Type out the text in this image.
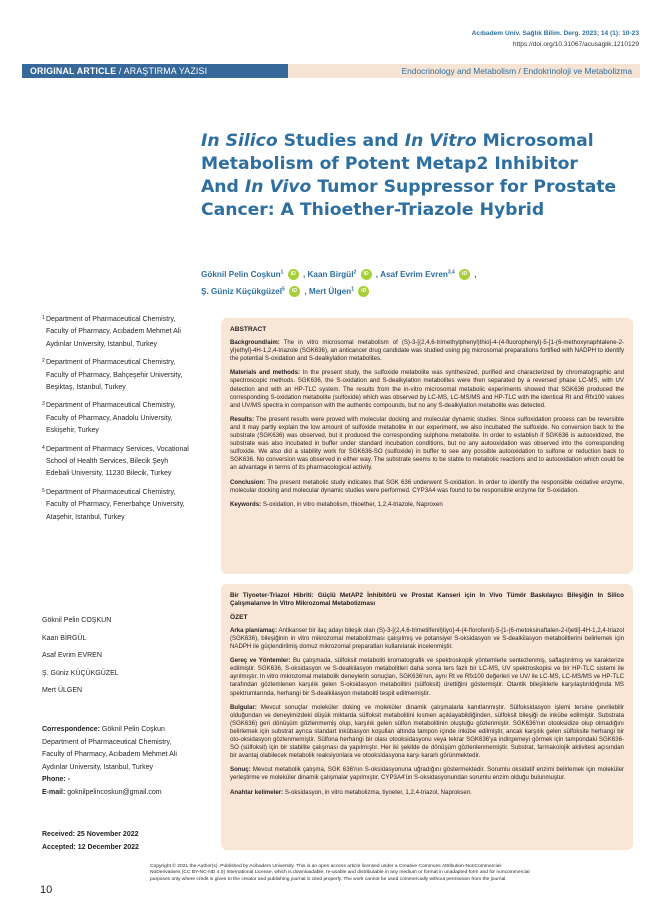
Acıbadem Univ. Sağlık Bilim. Derg. 2023; 14 (1): 10-23
https://doi.org/10.31067/acusaglik.1210129
ORIGINAL ARTICLE / ARAŞTIRMA YAZISI	Endocrinology and Metabolism / Endokrinoloji ve Metabolizma
In Silico Studies and In Vitro Microsomal
Metabolism of Potent Metap2 Inhibitor
And In Vivo Tumor Suppressor for Prostate
Cancer: A Thioether-Triazole Hybrid
Göknil Pelin Coşkun$^1$ iD , Kaan Birgül$^2$ iD , Asaf Evrim Evren$^{3,4}$ iD ,
Ş. Güniz Küçükgüzel$^5$ iD , Mert Ülgen$^1$ iD
1 Department of Pharmaceutical Chemistry, Faculty of Pharmacy, Acıbadem Mehmet Ali Aydınlar University, Istanbul, Turkey
2 Department of Pharmaceutical Chemistry, Faculty of Pharmacy, Bahçeşehir University, Beşiktaş, Istanbul, Turkey
3 Department of Pharmaceutical Chemistry, Faculty of Pharmacy, Anadolu University, Eskişehir, Turkey
4 Department of Pharmacy Services, Vocational School of Health Services, Bilecik Şeyh Edebali University, 11230 Bilecik, Turkey
5 Department of Pharmaceutical Chemistry, Faculty of Pharmacy, Fenerbahçe University, Ataşehir, Istanbul, Turkey
Göknil Pelin COŞKUN
Kaan BİRGÜL
Asaf Evrim EVREN
Ş. Güniz KÜÇÜKGÜZEL
Mert ÜLGEN
Correspondence: Göknil Pelin Coşkun Department of Pharmaceutical Chemistry, Faculty of Pharmacy, Acıbadem Mehmet Ali Aydınlar University, Istanbul, Turkey
Phone: -
E-mail: goknilpelincoskun@gmail.com
Received: 25 November 2022
Accepted: 12 December 2022
ABSTRACT

Background/aim: The in vitro microsomal metabolism of (S)-3-[(2,4,6-trimethylphenyl)thio]-4-(4-fluorophenyl)-5-[1-(6-methoxynaphtalene-2-yl)ethyl]-4H-1,2,4-triazole (SGK636), an anticancer drug candidate was studied using pig microsomal preparations fortified with NADPH to identify the potential S-oxidation and S-dealkylation metabolites.

Materials and methods: In the present study, the sulfoxide metabolite was synthesized, purified and characterized by chromatographic and spectroscopic methods. SGK636, the S-oxidation and S-dealkylation metabolites were then separated by a reversed phase LC-MS, with UV detection and with an HP-TLC system. The results from the in-vitro microsomal metabolic experiments showed that SGK636 produced the corresponding S-oxidation metabolite (sulfoxide) which was observed by LC-MS, LC-MS/MS and HP-TLC with the identical Rt and Rfx100 values and UV/MS spectra in comparison with the authentic compounds, but no any S-dealkylation metabolite was detected.

Results: The present results were proved with molecular docking and molecular dynamic studies. Since sulfoxidation process can be reversible and it may partly explain the low amount of sulfoxide metabolite in our experiment, we also incubated the sulfoxide. No conversion back to the substrate (SGK636) was observed, but it produced the corresponding sulphone metabolite. In order to establish if SGK636 is autooxidized, the substrate was also incubated in buffer under standard incubation conditions, but no any autooxidation was observed into the corresponding sulfoxide. We also did a stability work for SGK636-SO (sulfoxide) in buffer to see any possible autooxidation to sulfone or reduction back to SGK636. No conversion was observed in either way. The substrate seems to be stable to metabolic reactions and to autooxidation which could be an advantage in terms of its pharmacological activity.

Conclusion: The present metabolic study indicates that SGK 636 underwent S-oxidation. In order to identify the responsible oxidative enzyme, molecular docking and molecular dynamic studies were performed. CYP3A4 was found to be responsible enzyme for S-oxidation.

Keywords: S-oxidation, in vitro metabolism, thioether, 1,2,4-triazole, Naproxen

Bir Tiyoeter-Triazol Hibriti: Güçlü MetAP2 İnhibitörü ve Prostat Kanseri için In Vivo Tümör Baskılayıcı Bileşiğin In Silico Çalışmalarıve In Vitro Mikrozomal Metabolizması

ÖZET

Arka plan/amaç: Antikanser bir ilaç adayı bileşik olan (S)-3-[(2,4,6-trimetilfenil)tiyo]-4-(4-florofenil)-5-[1-(6-metoksinaftalen-2-il)etil]-4H-1,2,4-triazol (SGK636), bileşiğinin in vitro mikrozomal metabolizması çalışılmış ve potansiyel S-oksidasyon ve S-dealkilasyon metabolitlerini belirlemek için NADPH ile güçlendirilmiş domuz mikrozomal preparatları kullanılarak incelenmiştir.

Gereç ve Yöntemler: Bu çalışmada, sülfoksit metaboliti kromatografik ve spektroskopik yöntemlerle sentezlenmiş, saflaştırılmış ve karakterize edilmiştir. SGK636, S-oksidasyon ve S-dealkilasyon metabolitleri daha sonra ters fazlı bir LC-MS, UV spektroskopisi ve bir HP-TLC sistemi ile ayrılmıştır. In vitro mikrozomal metabolik deneylerin sonuçları, SGK636'nın, aynı Rt ve Rfx100 değerleri ve UV/ ile LC-MS, LC-MS/MS ve HP-TLC tarafından gözlemlenen karşılık gelen S-oksidasyon metabolitini (sülfoksit) ürettiğini göstermiştir. Otantik bileşiklerle karşılaştırıldığında MS spektrumlarında, herhangi bir S-dealkilasyon metaboliti tespit edilmemiştir.

Bulgular: Mevcut sonuçlar moleküler doking ve moleküler dinamik çalışmalarla kanıtlanmıştır. Sülfoksidasyon işlemi tersine çevrilebilir olduğundan ve deneyimizdeki düşük miktarda sülfoksit metabolitini kısmen açıklayabildiğinden, sülfoksit bileşiği de inkübe edilmiştir. Substrata (SGK636) geri dönüşüm gözlenmemiş olup, karşılık gelen sülfon metabolitinin oluştuğu gözlenmiştir. SGK636'nın otooksidize olup olmadığını belirlemek için substrat ayrıca standart inkübasyon koşulları altında tampon içinde inkübe edilmiştir, ancak karşılık gelen sülfoksite herhangi bir oto-oksidasyon gözlenmemiştir. Sülfona herhangi bir olası otooksidasyonu veya tekrar SGK636'ya indirgemeyi görmek için tampondaki SGK636-SO (sülfoksit) için bir stabilite çalışması da yapılmıştır. Her iki şekilde de dönüşüm gözlenlenmemiştir. Substrat, farmakolojik aktivitesi açısından bir avantaj olabilecek metabolik reaksiyonlara ve otooksidasyona karşı kararlı görünmektedir.

Sonuç: Mevcut metabolik çalışma, SGK 636'nın S-oksidasyonuna uğradığını göstermektedir. Sorumlu oksidatif enzimi belirlemek için moleküler yerleştirme ve moleküler dinamik çalışmalar yapılmıştır. CYP3A4'ün S-oksidasyonundan sorumlu enzim olduğu bulunmuştur.

Anahtar kelimeler: S-oksidasyon, in vitro metabolizma, tiyoeter, 1,2,4-triazol, Naproksen.

Copyright © 2021 the Author(s). Published by Acibadem University. This is an open access article licensed under a Creative Commons Attribution-NonCommercial-NoDerivatives (CC BY-NC-ND 4.0) International License, which is downloadable, re-usable and distributable in any medium or format in unadapted form and for noncommercial purposes only where credit is given to the creator and publishing journal is cited properly. The work cannot be used commercially without permission from the journal.
10
